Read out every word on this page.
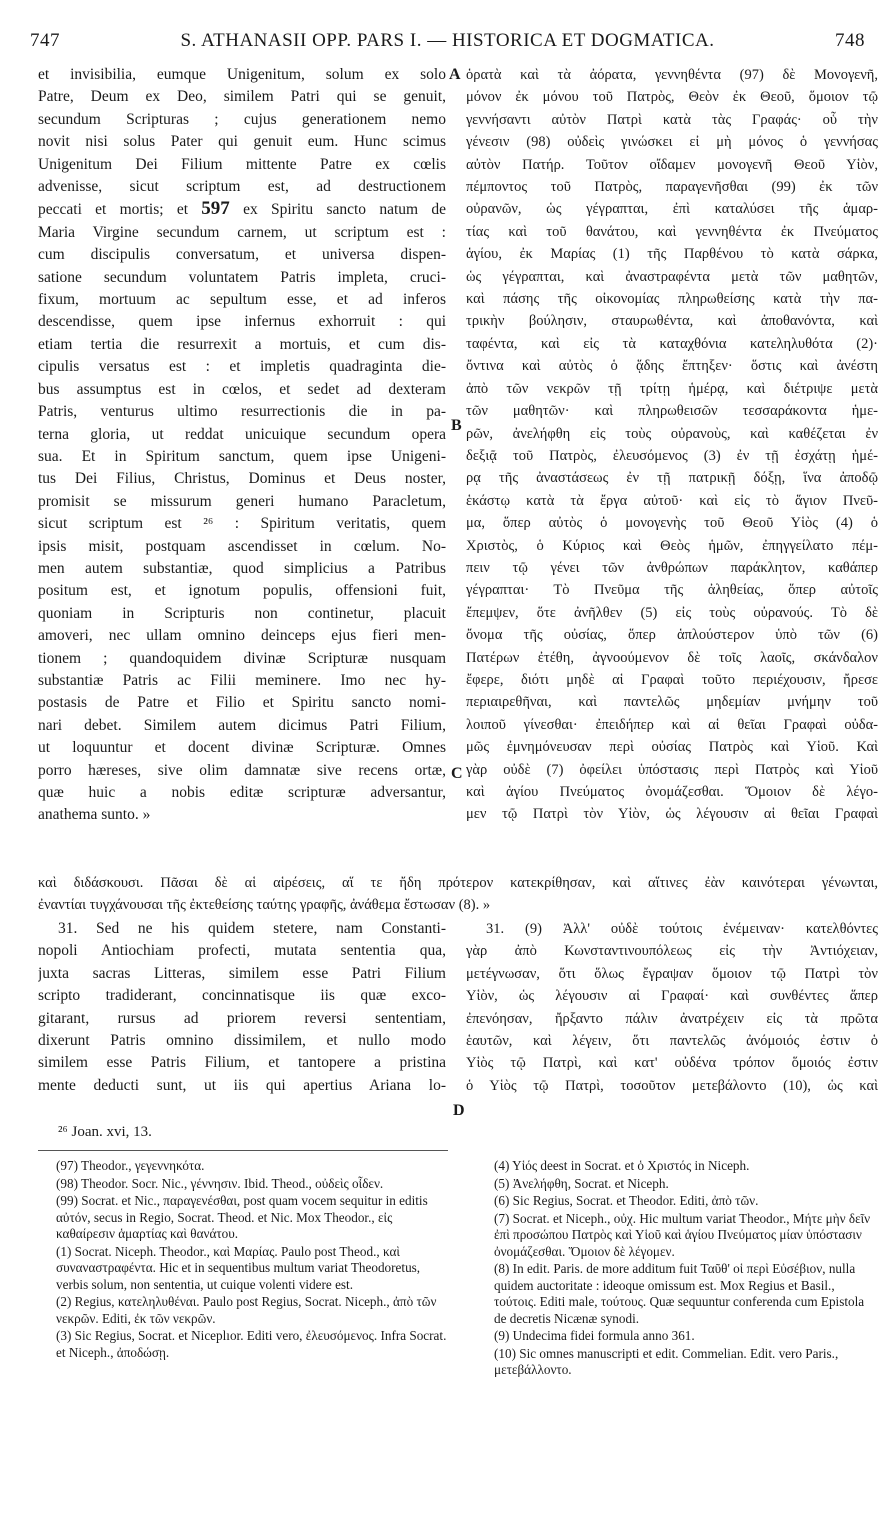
747	S. ATHANASII OPP. PARS I. — HISTORICA ET DOGMATICA.	748
et invisibilia, eumque Unigenitum, solum ex solo
Patre, Deum ex Deo, similem Patri qui se genuit,
secundum Scripturas ; cujus generationem nemo
novit nisi solus Pater qui genuit eum. Hunc scimus
Unigenitum Dei Filium mittente Patre ex cœlis
advenisse, sicut scriptum est, ad destructionem
peccati et mortis; et 597 ex Spiritu sancto natum de
Maria Virgine secundum carnem, ut scriptum est :
cum discipulis conversatum, et universa dispen-
satione secundum voluntatem Patris impleta, cruci-
fixum, mortuum ac sepultum esse, et ad inferos
descendisse, quem ipse infernus exhorruit : qui
etiam tertia die resurrexit a mortuis, et cum dis-
cipulis versatus est : et impletis quadraginta die-
bus assumptus est in cœlos, et sedet ad dexteram
Patris, venturus ultimo resurrectionis die in pa-
terna gloria, ut reddat unicuique secundum opera
sua. Et in Spiritum sanctum, quem ipse Unigeni-
tus Dei Filius, Christus, Dominus et Deus noster,
promisit se missurum generi humano Paracletum,
sicut scriptum est ²⁶ : Spiritum veritatis, quem
ipsis misit, postquam ascendisset in cœlum. No-
men autem substantiæ, quod simplicius a Patribus
positum est, et ignotum populis, offensioni fuit,
quoniam in Scripturis non continetur, placuit
amoveri, nec ullam omnino deinceps ejus fieri men-
tionem ; quandoquidem divinæ Scripturæ nusquam
substantiæ Patris ac Filii meminere. Imo nec hy-
postasis de Patre et Filio et Spiritu sancto nomi-
nari debet. Similem autem dicimus Patri Filium,
ut loquuntur et docent divinæ Scripturæ. Omnes
porro hæreses, sive olim damnatæ sive recens ortæ,
quæ huic a nobis editæ scripturæ adversantur,
anathema sunto. »
A
B
C
D
ὁρατὰ καὶ τὰ ἀόρατα, γεννηθέντα (97) δὲ Μονογενῆ,
μόνον ἐκ μόνου τοῦ Πατρὸς, Θεὸν ἐκ Θεοῦ, ὅμοιον τῷ
γεννήσαντι αὐτὸν Πατρὶ κατὰ τὰς Γραφάς· οὗ τὴν
γένεσιν (98) οὐδεὶς γινώσκει εἰ μὴ μόνος ὁ γεννήσας
αὐτὸν Πατήρ. Τοῦτον οἴδαμεν μονογενῆ Θεοῦ Υἱὸν,
πέμποντος τοῦ Πατρὸς, παραγενῆσθαι (99) ἐκ τῶν
οὐρανῶν, ὡς γέγραπται, ἐπὶ καταλύσει τῆς ἁμαρ-
τίας καὶ τοῦ θανάτου, καὶ γεννηθέντα ἐκ Πνεύματος
ἁγίου, ἐκ Μαρίας (1) τῆς Παρθένου τὸ κατὰ σάρκα,
ὡς γέγραπται, καὶ ἀναστραφέντα μετὰ τῶν μαθητῶν,
καὶ πάσης τῆς οἰκονομίας πληρωθείσης κατὰ τὴν πα-
τρικὴν βούλησιν, σταυρωθέντα, καὶ ἀποθανόντα, καὶ
ταφέντα, καὶ εἰς τὰ καταχθόνια κατεληλυθότα (2)·
ὄντινα καὶ αὐτὸς ὁ ᾅδης ἔπτηξεν· ὅστις καὶ ἀνέστη
ἀπὸ τῶν νεκρῶν τῇ τρίτῃ ἡμέρᾳ, καὶ διέτριψε μετὰ
τῶν μαθητῶν· καὶ πληρωθεισῶν τεσσαράκοντα ἡμε-
ρῶν, ἀνελήφθη εἰς τοὺς οὐρανοὺς, καὶ καθέζεται ἐν
δεξιᾷ τοῦ Πατρὸς, ἐλευσόμενος (3) ἐν τῇ ἐσχάτῃ ἡμέ-
ρᾳ τῆς ἀναστάσεως ἐν τῇ πατρικῇ δόξῃ, ἵνα ἀποδῷ
ἑκάστῳ κατὰ τὰ ἔργα αὐτοῦ· καὶ εἰς τὸ ἅγιον Πνεῦ-
μα, ὅπερ αὐτὸς ὁ μονογενὴς τοῦ Θεοῦ Υἱὸς (4) ὁ
Χριστὸς, ὁ Κύριος καὶ Θεὸς ἡμῶν, ἐπηγγείλατο πέμ-
πειν τῷ γένει τῶν ἀνθρώπων παράκλητον, καθάπερ
γέγραπται· Τὸ Πνεῦμα τῆς ἀληθείας, ὅπερ αὐτοῖς
ἔπεμψεν, ὅτε ἀνῆλθεν (5) εἰς τοὺς οὐρανούς. Τὸ δὲ
ὄνομα τῆς οὐσίας, ὅπερ ἁπλούστερον ὑπὸ τῶν (6)
Πατέρων ἐτέθη, ἀγνοούμενον δὲ τοῖς λαοῖς, σκάνδαλον
ἔφερε, διότι μηδὲ αἱ Γραφαὶ τοῦτο περιέχουσιν, ἤρεσε
περιαιρεθῆναι, καὶ παντελῶς μηδεμίαν μνήμην τοῦ
λοιποῦ γίνεσθαι· ἐπειδήπερ καὶ αἱ θεῖαι Γραφαὶ οὐδα-
μῶς ἐμνημόνευσαν περὶ οὐσίας Πατρὸς καὶ Υἱοῦ. Καὶ
γὰρ οὐδὲ (7) ὀφείλει ὑπόστασις περὶ Πατρὸς καὶ Υἱοῦ
καὶ ἁγίου Πνεύματος ὀνομάζεσθαι. Ὅμοιον δὲ λέγο-
μεν τῷ Πατρὶ τὸν Υἱὸν, ὡς λέγουσιν αἱ θεῖαι Γραφαὶ
καὶ διδάσκουσι. Πᾶσαι δὲ αἱ αἱρέσεις, αἵ τε ἤδη πρότερον κατεκρίθησαν, καὶ αἵτινες ἐὰν καινότεραι γένωνται,
ἐναντίαι τυγχάνουσαι τῆς ἐκτεθείσης ταύτης γραφῆς, ἀνάθεμα ἔστωσαν (8). »
31. Sed ne his quidem stetere, nam Constanti-
nopoli Antiochiam profecti, mutata sententia qua,
juxta sacras Litteras, similem esse Patri Filium
scripto tradiderant, concinnatisque iis quæ exco-
gitarant, rursus ad priorem reversi sententiam,
dixerunt Patris omnino dissimilem, et nullo modo
similem esse Patris Filium, et tantopere a pristina
mente deducti sunt, ut iis qui apertius Ariana lo-
31. (9) Ἀλλ' οὐδὲ τούτοις ἐνέμειναν· κατελθόντες
γὰρ ἀπὸ Κωνσταντινουπόλεως εἰς τὴν Ἀντιόχειαν,
μετέγνωσαν, ὅτι ὅλως ἔγραψαν ὅμοιον τῷ Πατρὶ τὸν
Υἱὸν, ὡς λέγουσιν αἱ Γραφαί· καὶ συνθέντες ἅπερ
ἐπενόησαν, ἤρξαντο πάλιν ἀνατρέχειν εἰς τὰ πρῶτα
ἑαυτῶν, καὶ λέγειν, ὅτι παντελῶς ἀνόμοιός ἐστιν ὁ
Υἱὸς τῷ Πατρὶ, καὶ κατ' οὐδένα τρόπον ὅμοιός ἐστιν
ὁ Υἱὸς τῷ Πατρὶ, τοσοῦτον μετεβάλοντο (10), ὡς καὶ
²⁶ Joan. xvi, 13.
(97) Theodor., γεγεννηκότα.
(98) Theodor. Socr. Nic., γέννησιν. Ibid. Theod., οὐδεὶς οἶδεν.
(99) Socrat. et Nic., παραγενέσθαι, post quam vocem sequitur in editis αὐτόν, secus in Regio, Socrat. Theod. et Nic. Mox Theodor., εἰς καθαίρεσιν ἁμαρτίας καὶ θανάτου.
(1) Socrat. Niceph. Theodor., καὶ Μαρίας. Paulo post Theod., καὶ συναναστραφέντα. Hic et in sequentibus multum variat Theodoretus, verbis solum, non sententia, ut cuique volenti videre est.
(2) Regius, κατεληλυθέναι. Paulo post Regius, Socrat. Niceph., ἀπὸ τῶν νεκρῶν. Editi, ἐκ τῶν νεκρῶν.
(3) Sic Regius, Socrat. et Niceplıor. Editi vero, ἐλευσόμενος. Infra Socrat. et Niceph., ἀποδώσῃ.
(4) Υἱός deest in Socrat. et ὁ Χριστός in Niceph.
(5) Ἀνελήφθη, Socrat. et Niceph.
(6) Sic Regius, Socrat. et Theodor. Editi, ἀπὸ τῶν.
(7) Socrat. et Niceph., οὐχ. Hic multum variat Theodor., Μήτε μὴν δεῖν ἐπὶ προσώπου Πατρὸς καὶ Υἱοῦ καὶ ἁγίου Πνεύματος μίαν ὑπόστασιν ὀνομάζεσθαι. Ὅμοιον δὲ λέγομεν.
(8) In edit. Paris. de more additum fuit Ταῦθ' οἱ περὶ Εὐσέβιον, nulla quidem auctoritate : ideoque omissum est. Mox Regius et Basil., τούτοις. Editi male, τούτους. Quæ sequuntur conferenda cum Epistola de decretis Nicænæ synodi.
(9) Undecima fidei formula anno 361.
(10) Sic omnes manuscripti et edit. Commelian. Edit. vero Paris., μετεβάλλοντο.
